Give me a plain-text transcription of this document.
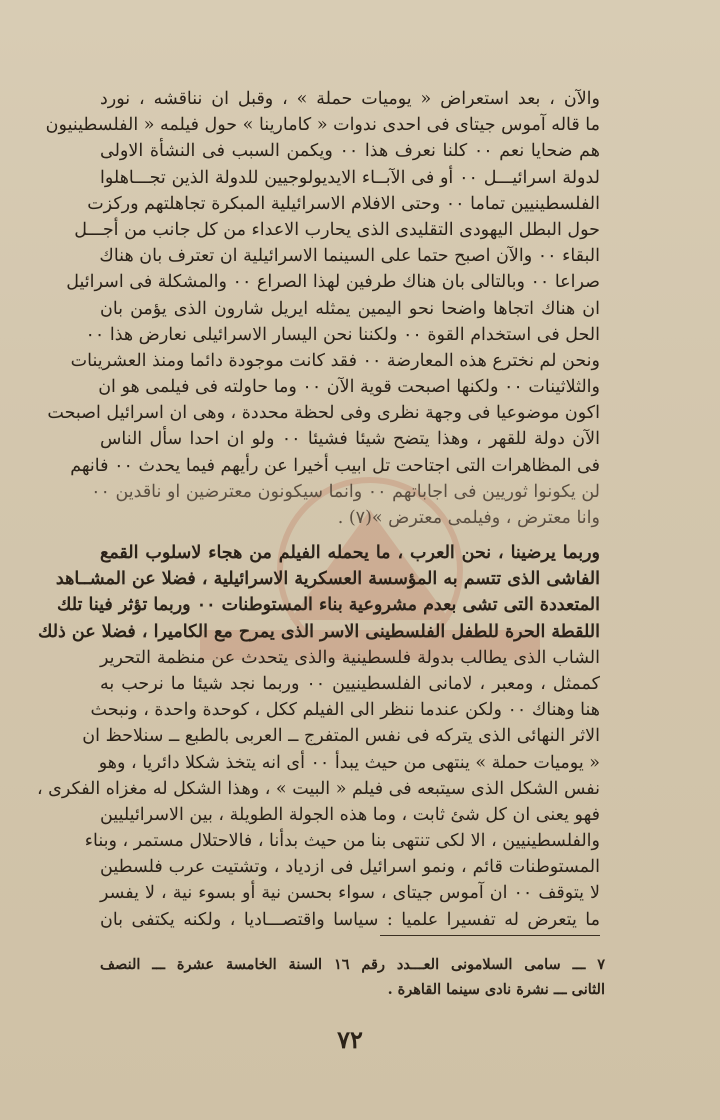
والآن ، بعد استعراض « يوميات حملة » ، وقبل ان نناقشه ، نورد
ما قاله آموس جيتاى فى احدى ندوات « كامارينا » حول فيلمه « الفلسطينيون
هم ضحايا نعم ٠٠ كلنا نعرف هذا ٠٠ ويكمن السبب فى النشأة الاولى
لدولة اسرائيـــل ٠٠ أو فى الآبــاء الايديولوجيين للدولة الذين تجـــاهلوا
الفلسطينيين تماما ٠٠ وحتى الافلام الاسرائيلية المبكرة تجاهلتهم وركزت
حول البطل اليهودى التقليدى الذى يحارب الاعداء من كل جانب من أجـــل
البقاء ٠٠ والآن اصبح حتما على السينما الاسرائيلية ان تعترف بان هناك
صراعا ٠٠ وبالتالى بان هناك طرفين لهذا الصراع ٠٠ والمشكلة فى اسرائيل
ان هناك اتجاها واضحا نحو اليمين يمثله ايريل شارون الذى يؤمن بان
الحل فى استخدام القوة ٠٠ ولكننا نحن اليسار الاسرائيلى نعارض هذا ٠٠
ونحن لم نخترع هذه المعارضة ٠٠ فقد كانت موجودة دائما ومنذ العشرينات
والثلاثينات ٠٠ ولكنها اصبحت قوية الآن ٠٠ وما حاولته فى فيلمى هو ان
اكون موضوعيا فى وجهة نظرى وفى لحظة محددة ، وهى ان اسرائيل اصبحت
الآن دولة للقهر ، وهذا يتضح شيئا فشيئا ٠٠ ولو ان احدا سأل الناس
فى المظاهرات التى اجتاحت تل ابيب أخيرا عن رأيهم فيما يحدث ٠٠ فانهم
لن يكونوا ثوريين فى اجاباتهم ٠٠ وانما سيكونون معترضين او ناقدين ٠٠
وانا معترض ، وفيلمى معترض »(٧) .
وربما يرضينا ، نحن العرب ، ما يحمله الفيلم من هجاء لاسلوب القمع
الفاشى الذى تتسم به المؤسسة العسكرية الاسرائيلية ، فضلا عن المشــاهد
المتعددة التى تشى بعدم مشروعية بناء المستوطنات ٠٠ وربما تؤثر فينا تلك
اللقطة الحرة للطفل الفلسطينى الاسر الذى يمرح مع الكاميرا ، فضلا عن ذلك
الشاب الذى يطالب بدولة فلسطينية والذى يتحدث عن منظمة التحرير
كممثل ، ومعبر ، لامانى الفلسطينيين ٠٠ وربما نجد شيئا ما نرحب به
هنا وهناك ٠٠ ولكن عندما ننظر الى الفيلم ككل ، كوحدة واحدة ، ونبحث
الاثر النهائى الذى يتركه فى نفس المتفرج ــ العربى بالطبع ــ سنلاحظ ان
« يوميات حملة » ينتهى من حيث يبدأ ٠٠ أى انه يتخذ شكلا دائريا ، وهو
نفس الشكل الذى سيتبعه فى فيلم « البيت » ، وهذا الشكل له مغزاه الفكرى ،
فهو يعنى ان كل شئ ثابت ، وما هذه الجولة الطويلة ، بين الاسرائيليين
والفلسطينيين ، الا لكى تنتهى بنا من حيث بدأنا ، فالاحتلال مستمر ، وبناء
المستوطنات قائم ، ونمو اسرائيل فى ازدياد ، وتشتيت عرب فلسطين
لا يتوقف ٠٠ ان آموس جيتاى ، سواء بحسن نية أو بسوء نية ، لا يفسر
ما يتعرض له تفسيرا علميا : سياسا واقتصـــاديا ، ولكنه يكتفى بان
٧ ـــ سامى السلامونى العـــدد رقم ١٦ السنة الخامسة عشرة ـــ النصف
الثانى ـــ نشرة نادى سينما القاهرة .
٧٢
